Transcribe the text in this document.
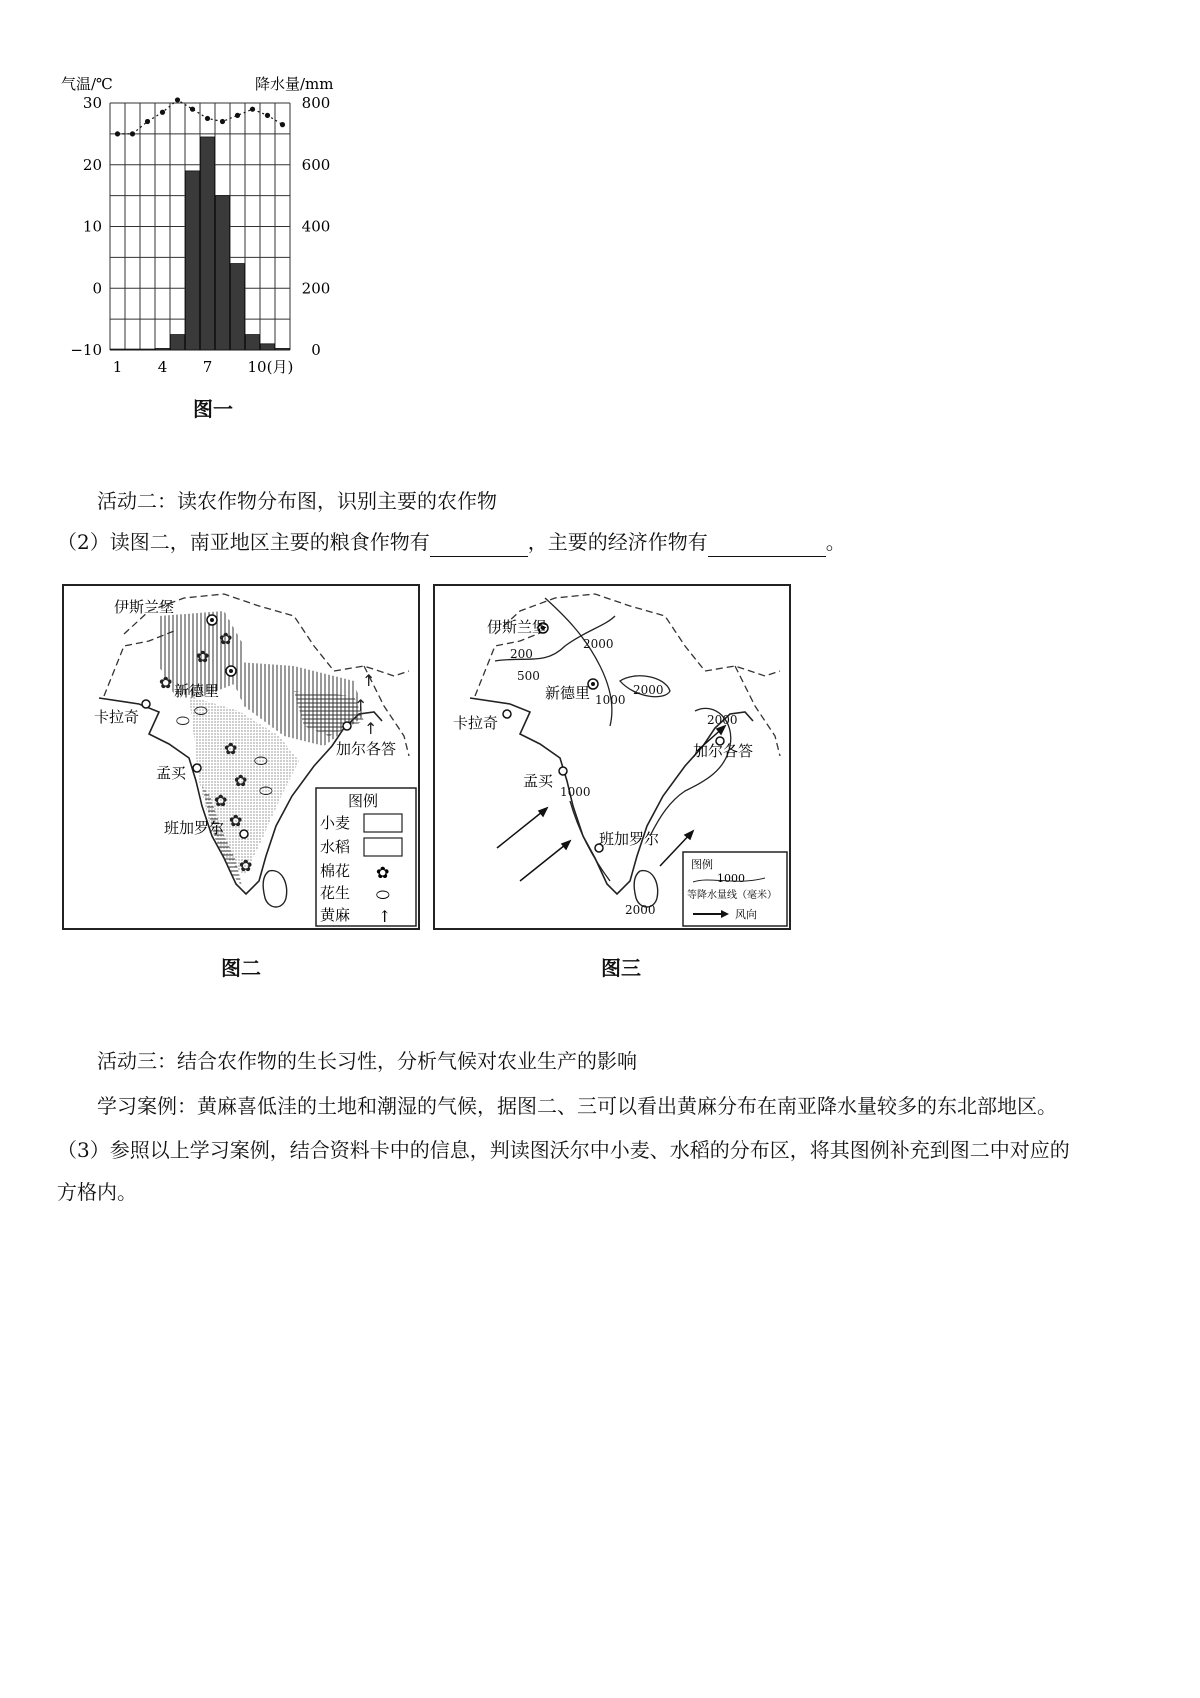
气温/℃	降水量/mm
30
20
10
0
−10
800
600
400
200
0
1 4 7 10(月)
图一
活动二：读农作物分布图，识别主要的农作物
（2）读图二，南亚地区主要的粮食作物有	，主要的经济作物有	。
✿
✿
✿
✿
✿
✿
✿
✿
⬭
⬭
⬭
⬭
↑
↑
↑
伊斯兰堡
新德里
卡拉奇
加尔各答
孟买
班加罗尔
图例
小麦
水稻
棉花 ✿
花生 ⬭
黄麻 ↑
图二
200
500
2000
1000
2000
2000
1000
2000
伊斯兰堡
新德里
卡拉奇
加尔各答
孟买
班加罗尔
图例
1000
等降水量线（毫米）
风向
图三
活动三：结合农作物的生长习性，分析气候对农业生产的影响
学习案例：黄麻喜低洼的土地和潮湿的气候，据图二、三可以看出黄麻分布在南亚降水量较多的东北部地区。
（3）参照以上学习案例，结合资料卡中的信息，判读图沃尔中小麦、水稻的分布区，将其图例补充到图二中对应的
方格内。
